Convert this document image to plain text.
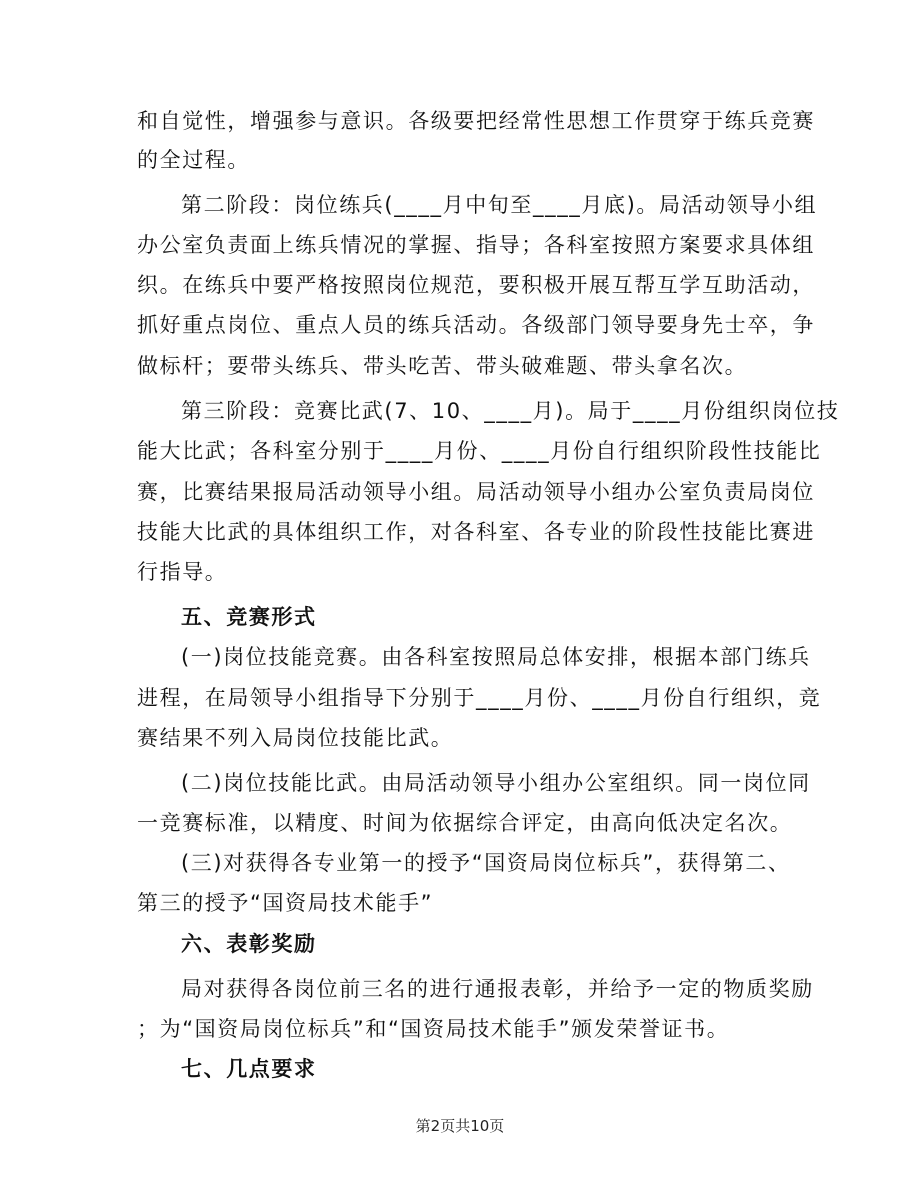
和自觉性，增强参与意识。各级要把经常性思想工作贯穿于练兵竞赛

的全过程。

第二阶段：岗位练兵(____月中旬至____月底)。局活动领导小组

办公室负责面上练兵情况的掌握、指导；各科室按照方案要求具体组

织。在练兵中要严格按照岗位规范，要积极开展互帮互学互助活动，

抓好重点岗位、重点人员的练兵活动。各级部门领导要身先士卒，争

做标杆；要带头练兵、带头吃苦、带头破难题、带头拿名次。

第三阶段：竞赛比武(7、10、____月)。局于____月份组织岗位技

能大比武；各科室分别于____月份、____月份自行组织阶段性技能比

赛，比赛结果报局活动领导小组。局活动领导小组办公室负责局岗位

技能大比武的具体组织工作，对各科室、各专业的阶段性技能比赛进

行指导。

五、竞赛形式

(一)岗位技能竞赛。由各科室按照局总体安排，根据本部门练兵

进程，在局领导小组指导下分别于____月份、____月份自行组织，竞

赛结果不列入局岗位技能比武。

(二)岗位技能比武。由局活动领导小组办公室组织。同一岗位同

一竞赛标准，以精度、时间为依据综合评定，由高向低决定名次。

(三)对获得各专业第一的授予“国资局岗位标兵”，获得第二、

第三的授予“国资局技术能手”

六、表彰奖励

局对获得各岗位前三名的进行通报表彰，并给予一定的物质奖励

；为“国资局岗位标兵”和“国资局技术能手”颁发荣誉证书。

七、几点要求

第2页共10页
